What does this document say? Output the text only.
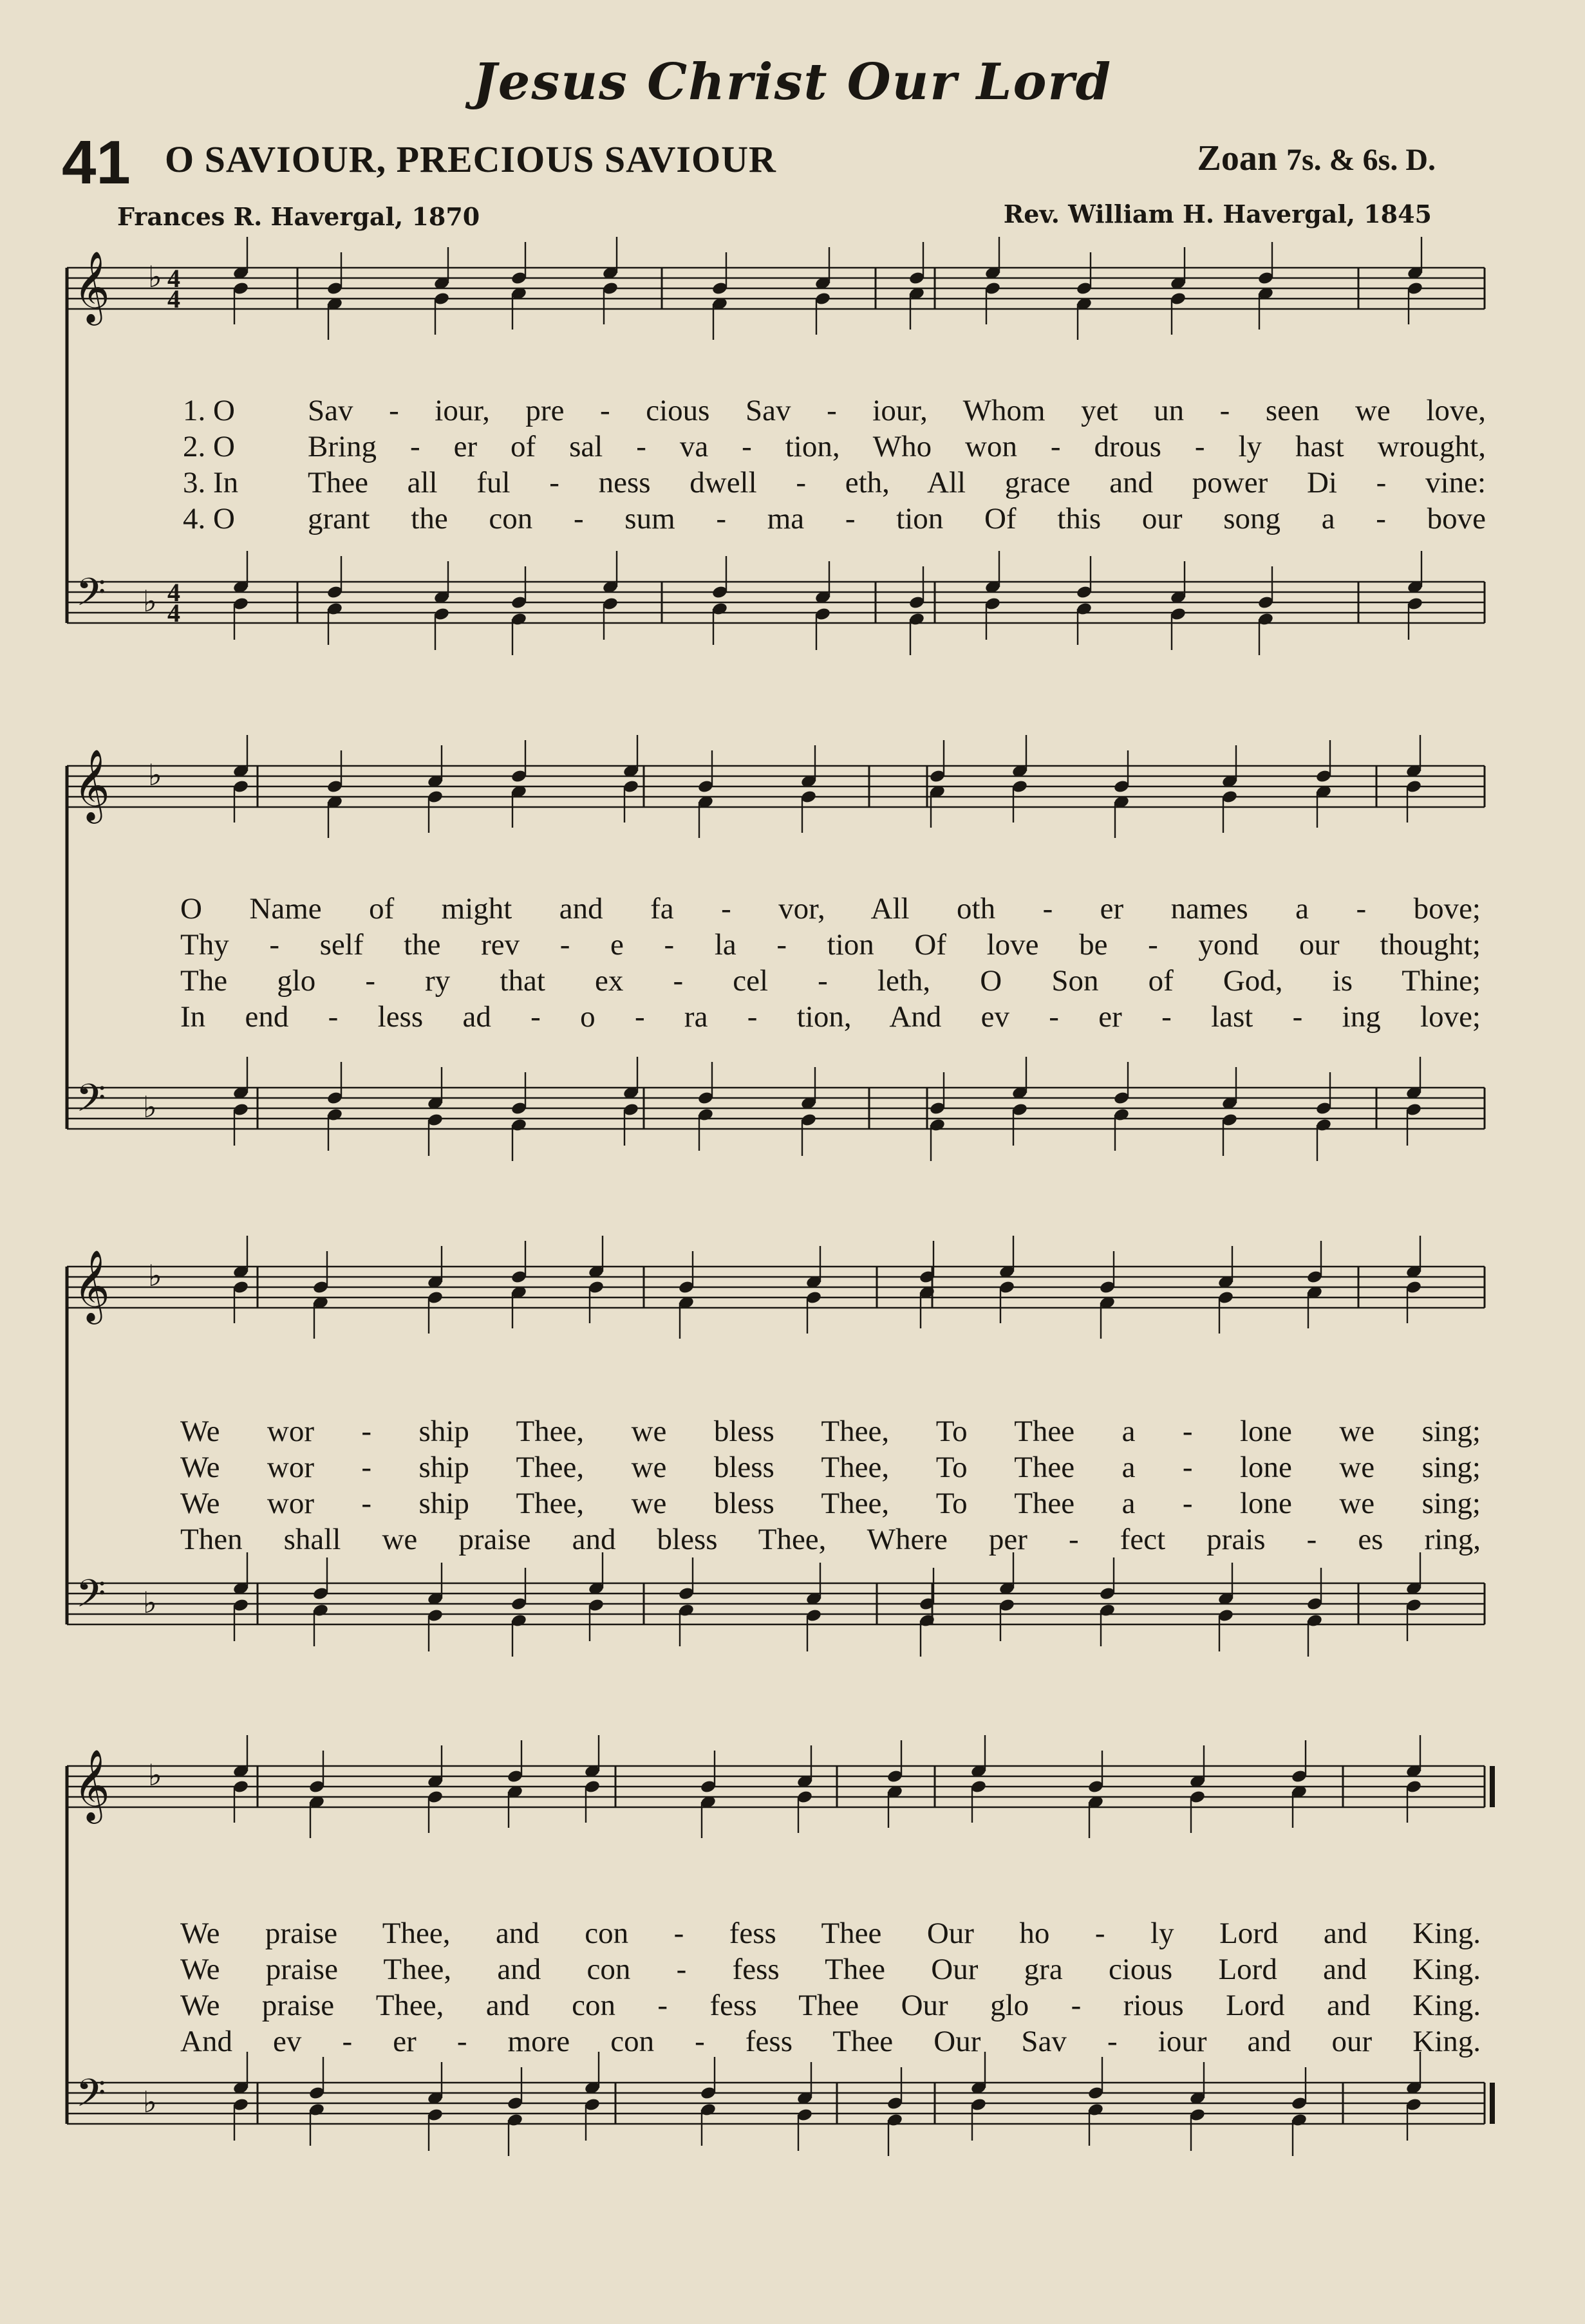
Jesus Christ Our Lord
41 O SAVIOUR, PRECIOUS SAVIOUR	Zoan 7s. & 6s. D.
Frances R. Havergal, 1870	Rev. William H. Havergal, 1845
𝄞
𝄢
♭
♭
4
4
4
4
𝄞
𝄢
♭
♭
𝄞
𝄢
♭
♭
𝄞
𝄢
♭
♭
1. O Sav - iour, pre - cious Sav - iour, Whom yet un - seen we love,
2. O Bring - er of sal - va - tion, Who won - drous - ly hast wrought,
3. In Thee all ful - ness dwell - eth, All grace and power Di - vine:
4. O grant the con - sum - ma - tion Of this our song a - bove
O Name of might and fa - vor, All oth - er names a - bove;
Thy - self the rev - e - la - tion Of love be - yond our thought;
The glo - ry that ex - cel - leth, O Son of God, is Thine;
In end - less ad - o - ra - tion, And ev - er - last - ing love;
We wor - ship Thee, we bless Thee, To Thee a - lone we sing;
We wor - ship Thee, we bless Thee, To Thee a - lone we sing;
We wor - ship Thee, we bless Thee, To Thee a - lone we sing;
Then shall we praise and bless Thee, Where per - fect prais - es ring,
We praise Thee, and con - fess Thee Our ho - ly Lord and King.
We praise Thee, and con - fess Thee Our gra cious Lord and King.
We praise Thee, and con - fess Thee Our glo - rious Lord and King.
And ev - er - more con - fess Thee Our Sav - iour and our King.
